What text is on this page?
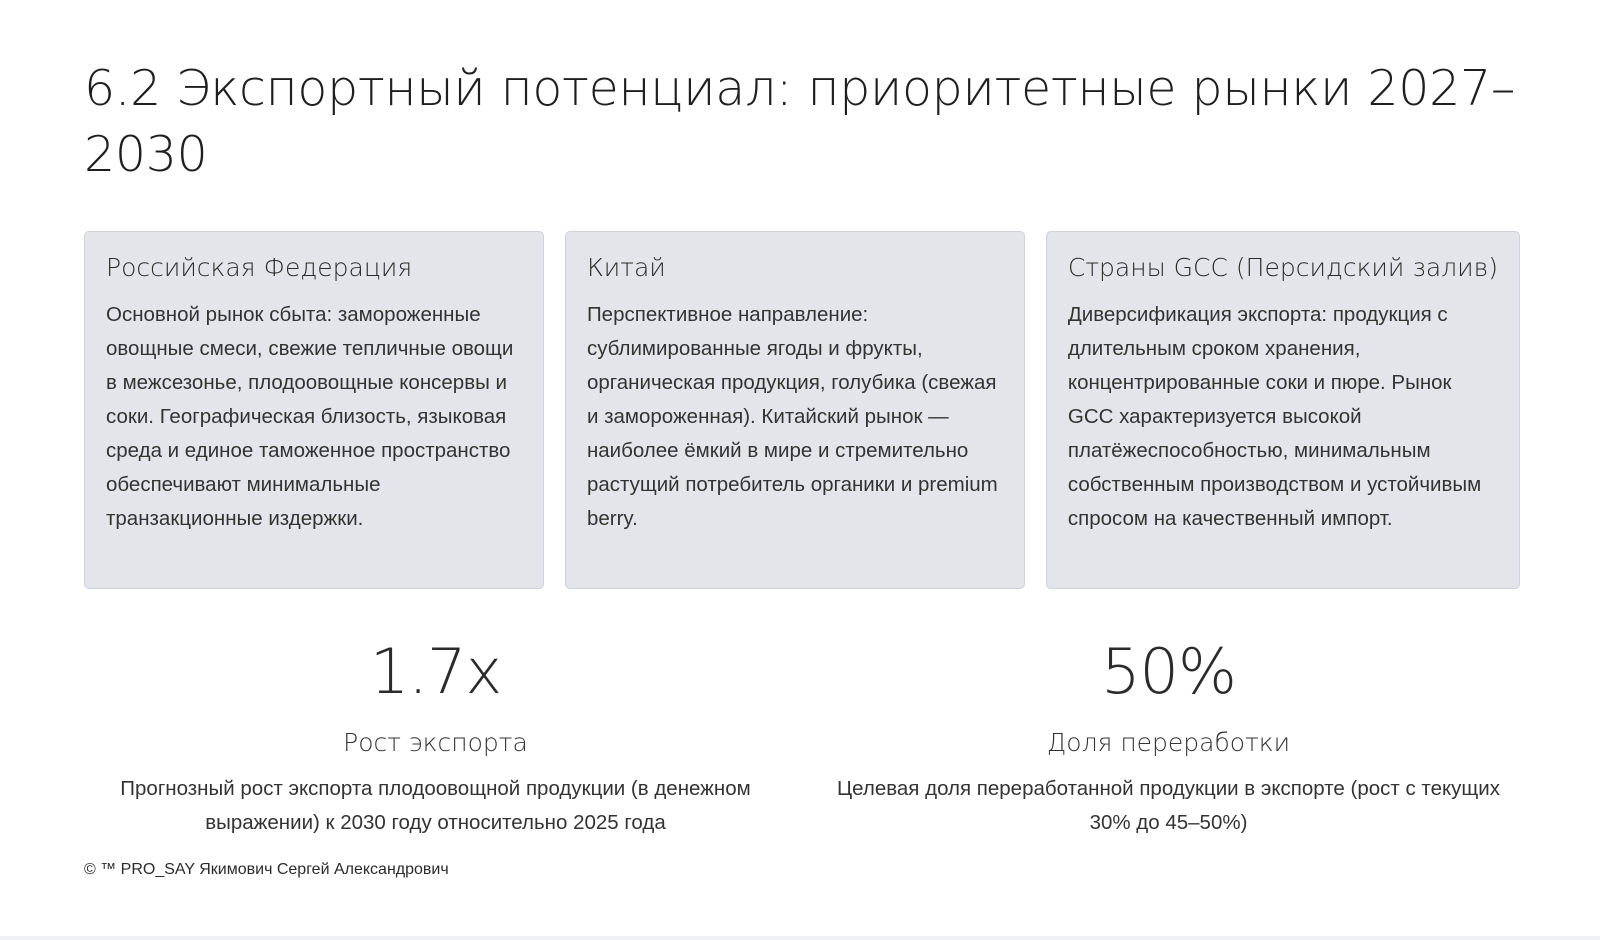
6.2 Экспортный потенциал: приоритетные рынки 2027–2030
Российская Федерация
Основной рынок сбыта: замороженные овощные смеси, свежие тепличные овощи в межсезонье, плодоовощные консервы и соки. Географическая близость, языковая среда и единое таможенное пространство обеспечивают минимальные транзакционные издержки.
Китай
Перспективное направление: сублимированные ягоды и фрукты, органическая продукция, голубика (свежая и замороженная). Китайский рынок — наиболее ёмкий в мире и стремительно растущий потребитель органики и premium berry.
Страны GCC (Персидский залив)
Диверсификация экспорта: продукция с длительным сроком хранения, концентрированные соки и пюре. Рынок GCC характеризуется высокой платёжеспособностью, минимальным собственным производством и устойчивым спросом на качественный импорт.
1.7x
Рост экспорта
Прогнозный рост экспорта плодоовощной продукции (в денежном выражении) к 2030 году относительно 2025 года
50%
Доля переработки
Целевая доля переработанной продукции в экспорте (рост с текущих 30% до 45–50%)
© ™ PRO_SAY Якимович Сергей Александрович
